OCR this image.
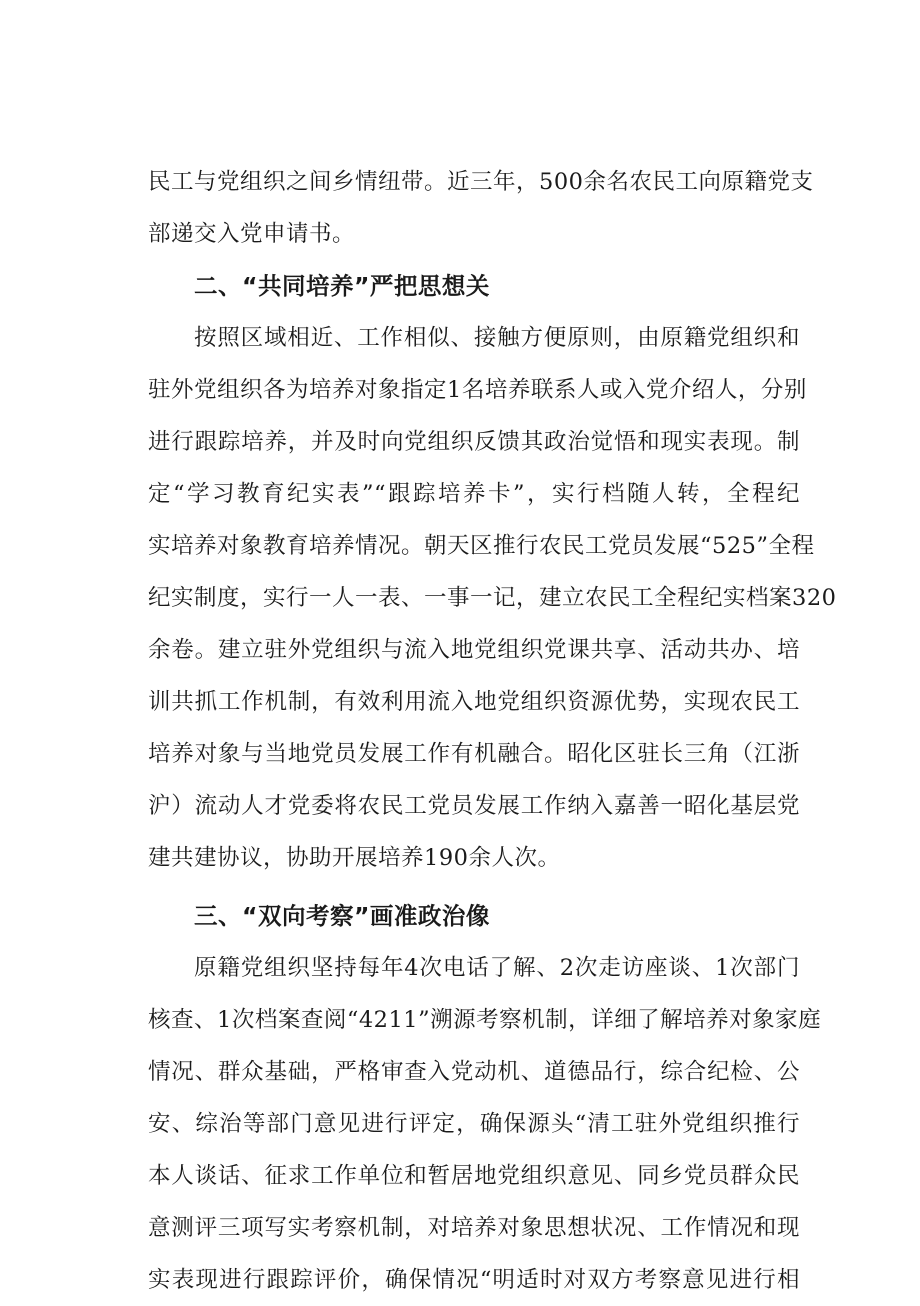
民工与党组织之间乡情纽带。近三年，500余名农民工向原籍党支
部递交入党申请书。
二、“共同培养”严把思想关
按照区域相近、工作相似、接触方便原则，由原籍党组织和
驻外党组织各为培养对象指定1名培养联系人或入党介绍人，分别
进行跟踪培养，并及时向党组织反馈其政治觉悟和现实表现。制
定“学习教育纪实表”“跟踪培养卡”，实行档随人转，全程纪
实培养对象教育培养情况。朝天区推行农民工党员发展“525”全程
纪实制度，实行一人一表、一事一记，建立农民工全程纪实档案320
余卷。建立驻外党组织与流入地党组织党课共享、活动共办、培
训共抓工作机制，有效利用流入地党组织资源优势，实现农民工
培养对象与当地党员发展工作有机融合。昭化区驻长三角（江浙
沪）流动人才党委将农民工党员发展工作纳入嘉善一昭化基层党
建共建协议，协助开展培养190余人次。
三、“双向考察”画准政治像
原籍党组织坚持每年4次电话了解、2次走访座谈、1次部门
核查、1次档案查阅“4211”溯源考察机制，详细了解培养对象家庭
情况、群众基础，严格审查入党动机、道德品行，综合纪检、公
安、综治等部门意见进行评定，确保源头“清工驻外党组织推行
本人谈话、征求工作单位和暂居地党组织意见、同乡党员群众民
意测评三项写实考察机制，对培养对象思想状况、工作情况和现
实表现进行跟踪评价，确保情况“明适时对双方考察意见进行相
